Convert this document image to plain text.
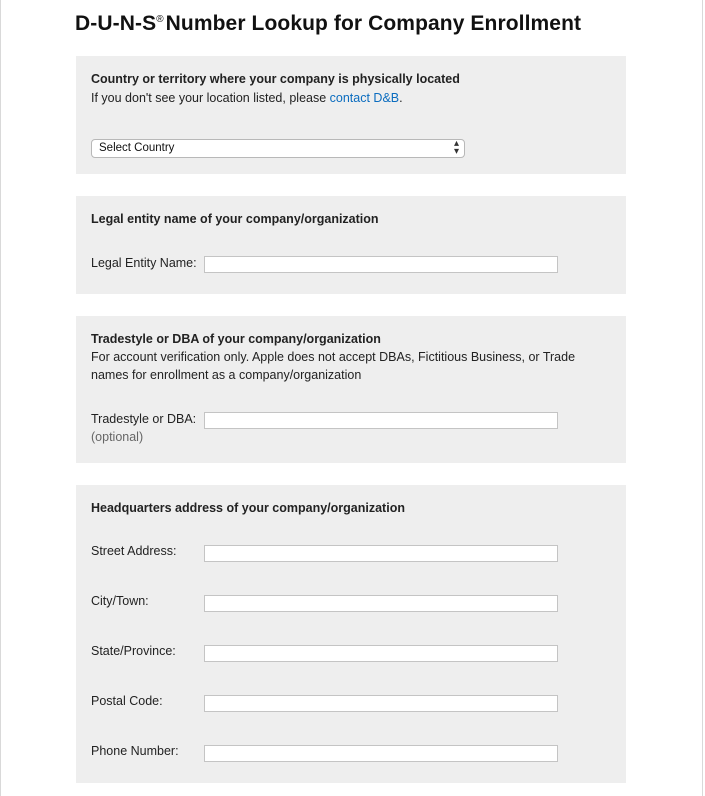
D-U-N-S®Number Lookup for Company Enrollment
Country or territory where your company is physically located
If you don't see your location listed, please contact D&B.
Select Country	▴
▾
Legal entity name of your company/organization
Legal Entity Name:
Tradestyle or DBA of your company/organization
For account verification only. Apple does not accept DBAs, Fictitious Business, or Trade names for enrollment as a company/organization
Tradestyle or DBA:
(optional)
Headquarters address of your company/organization
Street Address:
City/Town:
State/Province:
Postal Code:
Phone Number:
